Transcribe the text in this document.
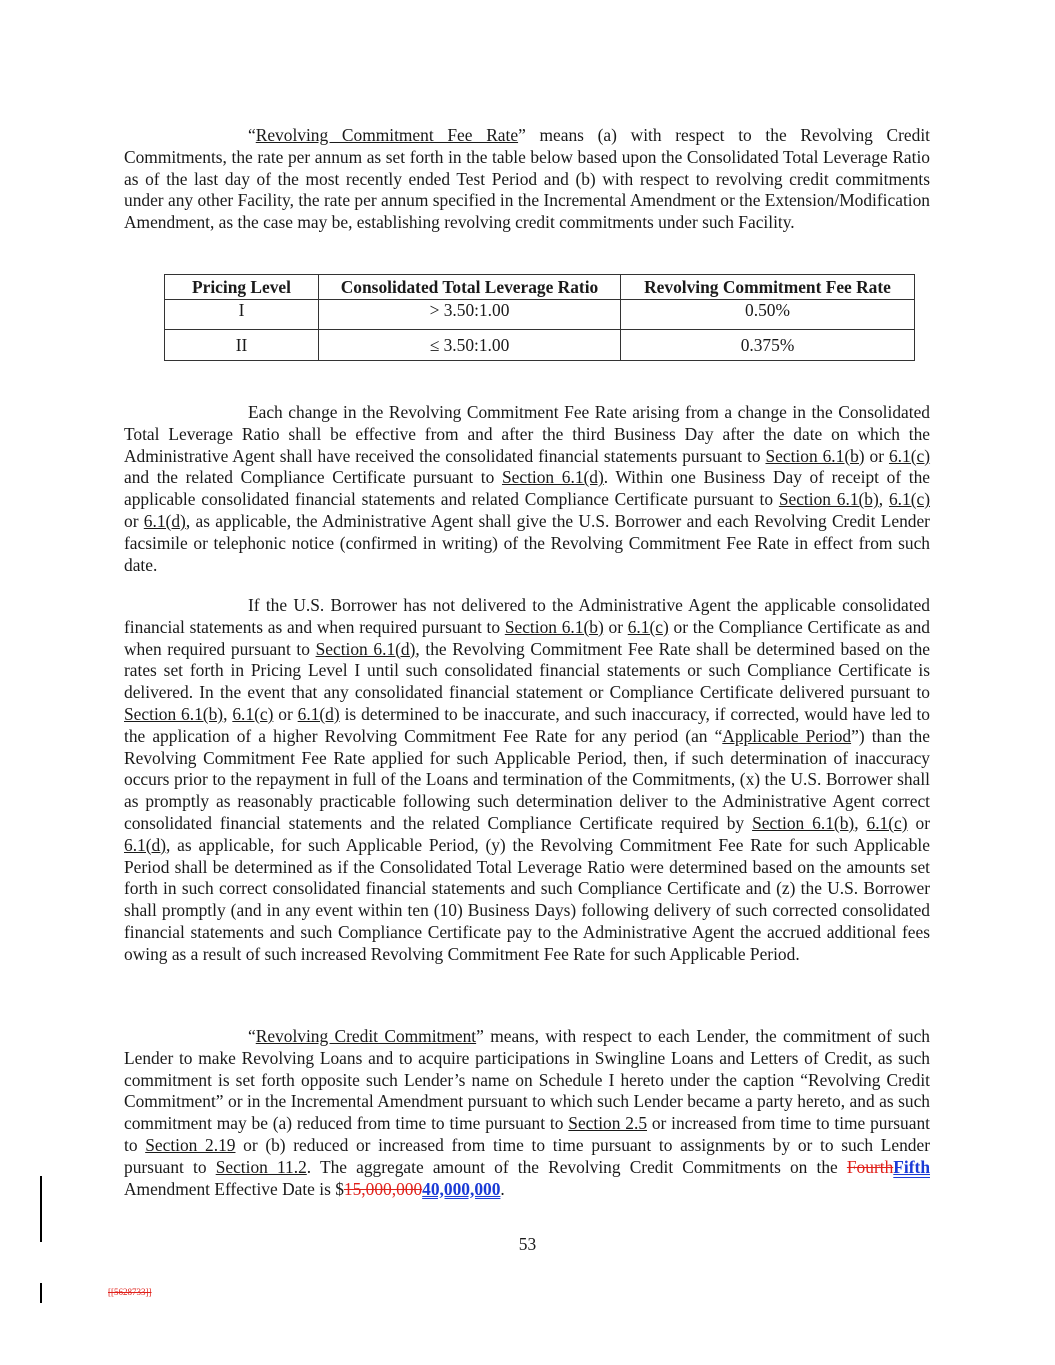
“Revolving Commitment Fee Rate” means (a) with respect to the Revolving Credit Commitments, the rate per annum as set forth in the table below based upon the Consolidated Total Leverage Ratio as of the last day of the most recently ended Test Period and (b) with respect to revolving credit commitments under any other Facility, the rate per annum specified in the Incremental Amendment or the Extension/Modification Amendment, as the case may be, establishing revolving credit commitments under such Facility.

Pricing Level	Consolidated Total Leverage Ratio	Revolving Commitment Fee Rate
I	> 3.50:1.00	0.50%
II	≤ 3.50:1.00	0.375%

Each change in the Revolving Commitment Fee Rate arising from a change in the Consolidated Total Leverage Ratio shall be effective from and after the third Business Day after the date on which the Administrative Agent shall have received the consolidated financial statements pursuant to Section 6.1(b) or 6.1(c) and the related Compliance Certificate pursuant to Section 6.1(d). Within one Business Day of receipt of the applicable consolidated financial statements and related Compliance Certificate pursuant to Section 6.1(b), 6.1(c) or 6.1(d), as applicable, the Administrative Agent shall give the U.S. Borrower and each Revolving Credit Lender facsimile or telephonic notice (confirmed in writing) of the Revolving Commitment Fee Rate in effect from such date.

If the U.S. Borrower has not delivered to the Administrative Agent the applicable consolidated financial statements as and when required pursuant to Section 6.1(b) or 6.1(c) or the Compliance Certificate as and when required pursuant to Section 6.1(d), the Revolving Commitment Fee Rate shall be determined based on the rates set forth in Pricing Level I until such consolidated financial statements or such Compliance Certificate is delivered. In the event that any consolidated financial statement or Compliance Certificate delivered pursuant to Section 6.1(b), 6.1(c) or 6.1(d) is determined to be inaccurate, and such inaccuracy, if corrected, would have led to the application of a higher Revolving Commitment Fee Rate for any period (an “Applicable Period”) than the Revolving Commitment Fee Rate applied for such Applicable Period, then, if such determination of inaccuracy occurs prior to the repayment in full of the Loans and termination of the Commitments, (x) the U.S. Borrower shall as promptly as reasonably practicable following such determination deliver to the Administrative Agent correct consolidated financial statements and the related Compliance Certificate required by Section 6.1(b), 6.1(c) or 6.1(d), as applicable, for such Applicable Period, (y) the Revolving Commitment Fee Rate for such Applicable Period shall be determined as if the Consolidated Total Leverage Ratio were determined based on the amounts set forth in such correct consolidated financial statements and such Compliance Certificate and (z) the U.S. Borrower shall promptly (and in any event within ten (10) Business Days) following delivery of such corrected consolidated financial statements and such Compliance Certificate pay to the Administrative Agent the accrued additional fees owing as a result of such increased Revolving Commitment Fee Rate for such Applicable Period.

“Revolving Credit Commitment” means, with respect to each Lender, the commitment of such Lender to make Revolving Loans and to acquire participations in Swingline Loans and Letters of Credit, as such commitment is set forth opposite such Lender’s name on Schedule I hereto under the caption “Revolving Credit Commitment” or in the Incremental Amendment pursuant to which such Lender became a party hereto, and as such commitment may be (a) reduced from time to time pursuant to Section 2.5 or increased from time to time pursuant to Section 2.19 or (b) reduced or increased from time to time pursuant to assignments by or to such Lender pursuant to Section 11.2. The aggregate amount of the Revolving Credit Commitments on the FourthFifth Amendment Effective Date is $15,000,00040,000,000.

53
[[5628733]]
